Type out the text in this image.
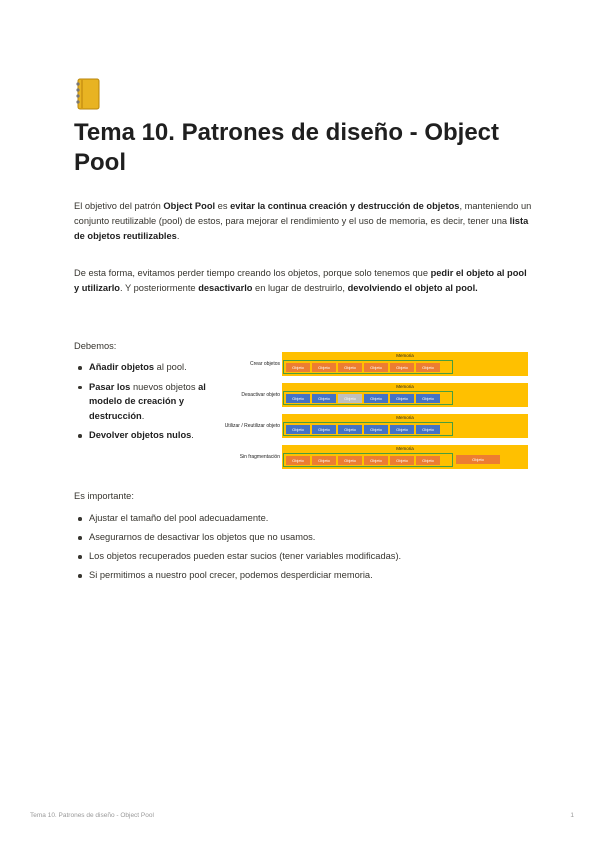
Tema 10. Patrones de diseño - Object Pool

El objetivo del patrón Object Pool es evitar la continua creación y destrucción de objetos, manteniendo un conjunto reutilizable (pool) de estos, para mejorar el rendimiento y el uso de memoria, es decir, tener una lista de objetos reutilizables.

De esta forma, evitamos perder tiempo creando los objetos, porque solo tenemos que pedir el objeto al pool y utilizarlo. Y posteriormente desactivarlo en lugar de destruirlo, devolviendo el objeto al pool.

Debemos:

Añadir objetos al pool.
Pasar los nuevos objetos al modelo de creación y destrucción.
Devolver objetos nulos.
Crear objetos
Memoria
Objeto	Objeto	Objeto	Objeto	Objeto	Objeto
Desactivar objeto
Memoria
Objeto	Objeto	Objeto	Objeto	Objeto	Objeto
Utilizar / Reutilizar objeto
Memoria
Objeto	Objeto	Objeto	Objeto	Objeto	Objeto
Sin fragmentación
Memoria
Objeto	Objeto	Objeto	Objeto	Objeto	Objeto	Objeto

Es importante:

Ajustar el tamaño del pool adecuadamente.
Asegurarnos de desactivar los objetos que no usamos.
Los objetos recuperados pueden estar sucios (tener variables modificadas).
Si permitimos a nuestro pool crecer, podemos desperdiciar memoria.
Tema 10. Patrones de diseño - Object Pool	1
